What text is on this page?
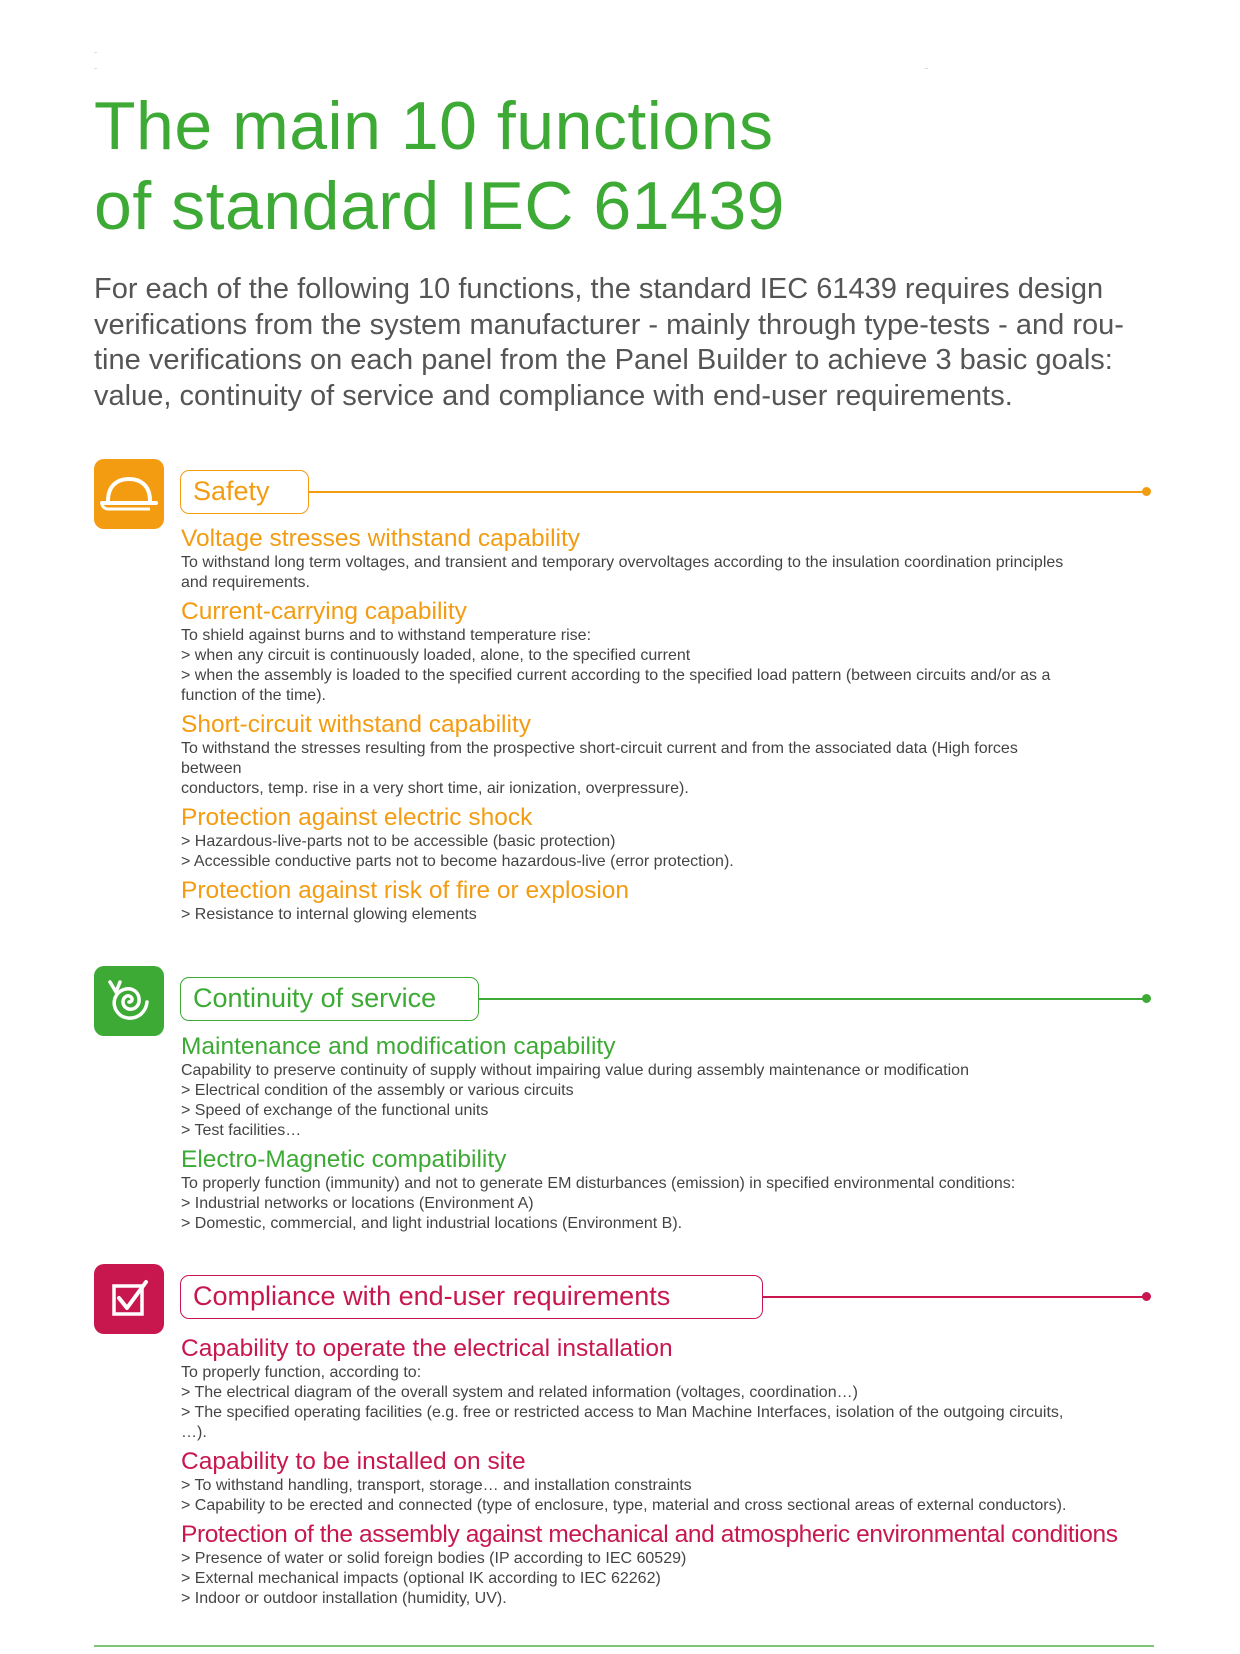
The main 10 functions
of standard IEC 61439
For each of the following 10 functions, the standard IEC 61439 requires design
verifications from the system manufacturer - mainly through type-tests - and rou-
tine verifications on each panel from the Panel Builder to achieve 3 basic goals:
value, continuity of service and compliance with end-user requirements.
Safety
Voltage stresses withstand capability
To withstand long term voltages, and transient and temporary overvoltages according to the insulation coordination principles
and requirements.
Current-carrying capability
To shield against burns and to withstand temperature rise:
> when any circuit is continuously loaded, alone, to the specified current
> when the assembly is loaded to the specified current according to the specified load pattern (between circuits and/or as a
function of the time).
Short-circuit withstand capability
To withstand the stresses resulting from the prospective short-circuit current and from the associated data (High forces
between
conductors, temp. rise in a very short time, air ionization, overpressure).
Protection against electric shock
> Hazardous-live-parts not to be accessible (basic protection)
> Accessible conductive parts not to become hazardous-live (error protection).
Protection against risk of fire or explosion
> Resistance to internal glowing elements
Continuity of service
Maintenance and modification capability
Capability to preserve continuity of supply without impairing value during assembly maintenance or modification
> Electrical condition of the assembly or various circuits
> Speed of exchange of the functional units
> Test facilities…
Electro-Magnetic compatibility
To properly function (immunity) and not to generate EM disturbances (emission) in specified environmental conditions:
> Industrial networks or locations (Environment A)
> Domestic, commercial, and light industrial locations (Environment B).
Compliance with end-user requirements
Capability to operate the electrical installation
To properly function, according to:
> The electrical diagram of the overall system and related information (voltages, coordination…)
> The specified operating facilities (e.g. free or restricted access to Man Machine Interfaces, isolation of the outgoing circuits,
…).
Capability to be installed on site
> To withstand handling, transport, storage… and installation constraints
> Capability to be erected and connected (type of enclosure, type, material and cross sectional areas of external conductors).
Protection of the assembly against mechanical and atmospheric environmental conditions
> Presence of water or solid foreign bodies (IP according to IEC 60529)
> External mechanical impacts (optional IK according to IEC 62262)
> Indoor or outdoor installation (humidity, UV).
